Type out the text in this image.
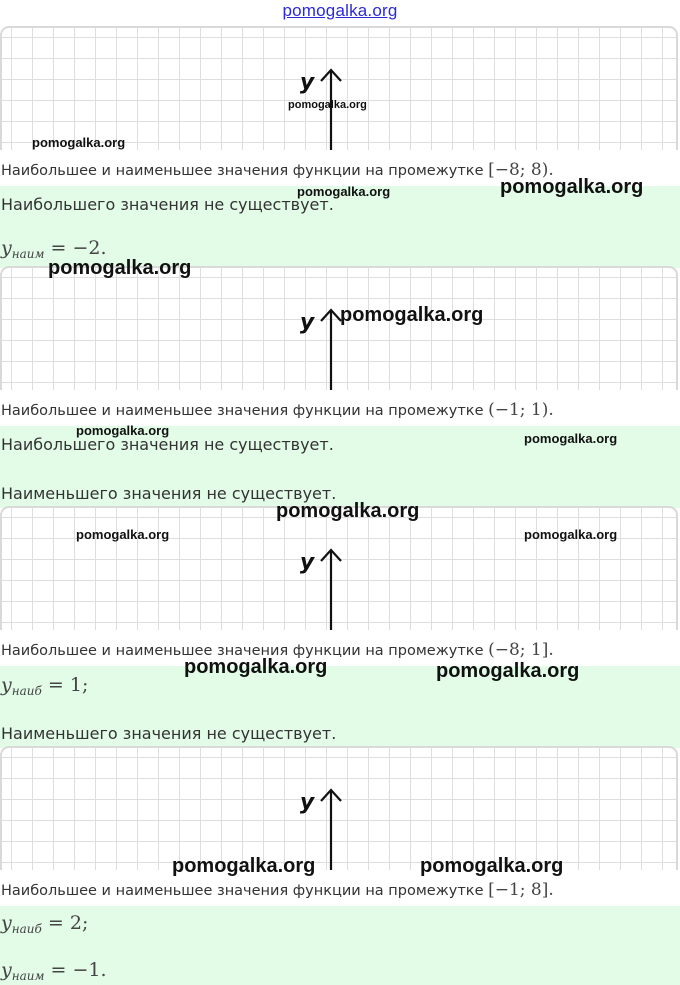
pomogalka.org
y
Наибольшее и наименьшее значения функции на промежутке [−8; 8).
Наибольшего значения не существует.
$y_{наим} = -2$.
y
Наибольшее и наименьшее значения функции на промежутке (−1; 1).
Наибольшего значения не существует.
Наименьшего значения не существует.
y
Наибольшее и наименьшее значения функции на промежутке (−8; 1].
$y_{наиб} = 1$;
Наименьшего значения не существует.
y
Наибольшее и наименьшее значения функции на промежутке [−1; 8].
$y_{наиб} = 2$;
$y_{наим} = -1$.
pomogalka.org
pomogalka.org
pomogalka.org	pomogalka.org
pomogalka.org
pomogalka.org
pomogalka.org
pomogalka.org
pomogalka.org
pomogalka.org	pomogalka.org
pomogalka.org	pomogalka.org
pomogalka.org	pomogalka.org
